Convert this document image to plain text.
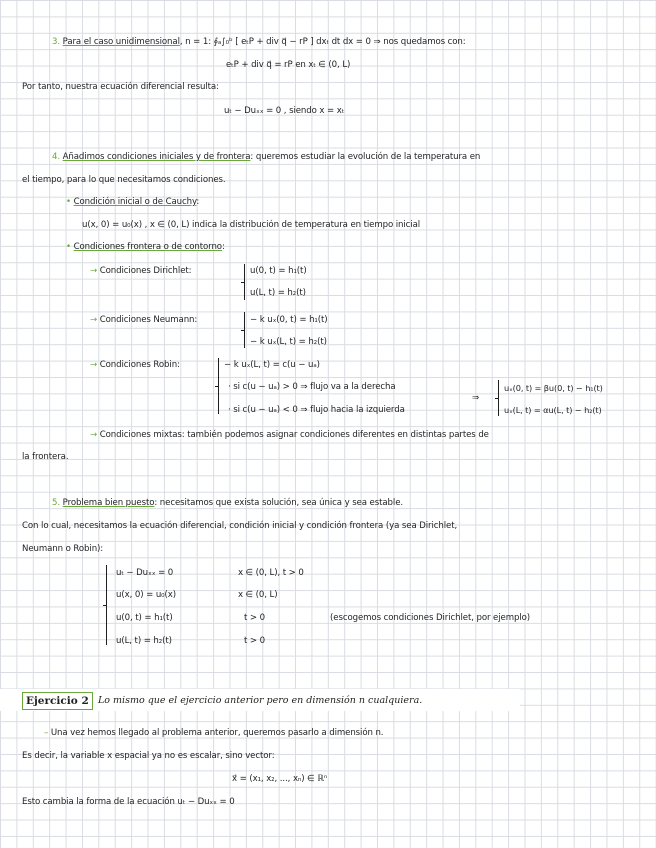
3. Para el caso unidimensional, n = 1: ∮ₐ∫₀ᵇ [ eₜP + div q⃗ − rP ] dxₜ dt dx = 0 ⇒ nos quedamos con:
eₜP + div q⃗ = rP en xₜ ∈ (0, L)
Por tanto, nuestra ecuación diferencial resulta:
uₜ − Duₓₓ = 0 , siendo x = xₜ
4. Añadimos condiciones iniciales y de frontera: queremos estudiar la evolución de la temperatura en
el tiempo, para lo que necesitamos condiciones.
• Condición inicial o de Cauchy:
u(x, 0) = u₀(x) , x ∈ (0, L) indica la distribución de temperatura en tiempo inicial
• Condiciones frontera o de contorno:
→ Condiciones Dirichlet:	u(0, t) = h₁(t)
u(L, t) = h₂(t)
→ Condiciones Neumann:	− k uₓ(0, t) = h₁(t)
− k uₓ(L, t) = h₂(t)
→ Condiciones Robin:	− k uₓ(L, t) = c(u − uₐ)
· si c(u − uₐ) > 0 ⇒ flujo va a la derecha
· si c(u − uₐ) < 0 ⇒ flujo hacia la izquierda
⇒
uₓ(0, t) = βu(0, t) − h₁(t)
uₓ(L, t) = αu(L, t) − h₂(t)
→ Condiciones mixtas: también podemos asignar condiciones diferentes en distintas partes de
la frontera.
5. Problema bien puesto: necesitamos que exista solución, sea única y sea estable.
Con lo cual, necesitamos la ecuación diferencial, condición inicial y condición frontera (ya sea Dirichlet,
Neumann o Robin):
uₜ − Duₓₓ = 0	x ∈ (0, L), t > 0
u(x, 0) = u₀(x)	x ∈ (0, L)
u(0, t) = h₁(t)	t > 0
u(L, t) = h₂(t)	t > 0
(escogemos condiciones Dirichlet, por ejemplo)
Ejercicio 2 Lo mismo que el ejercicio anterior pero en dimensión n cualquiera.
– Una vez hemos llegado al problema anterior, queremos pasarlo a dimensión n.
Es decir, la variable x espacial ya no es escalar, sino vector:
x⃗ = (x₁, x₂, ..., xₙ) ∈ ℝⁿ
Esto cambia la forma de la ecuación uₜ − Duₓₓ = 0
